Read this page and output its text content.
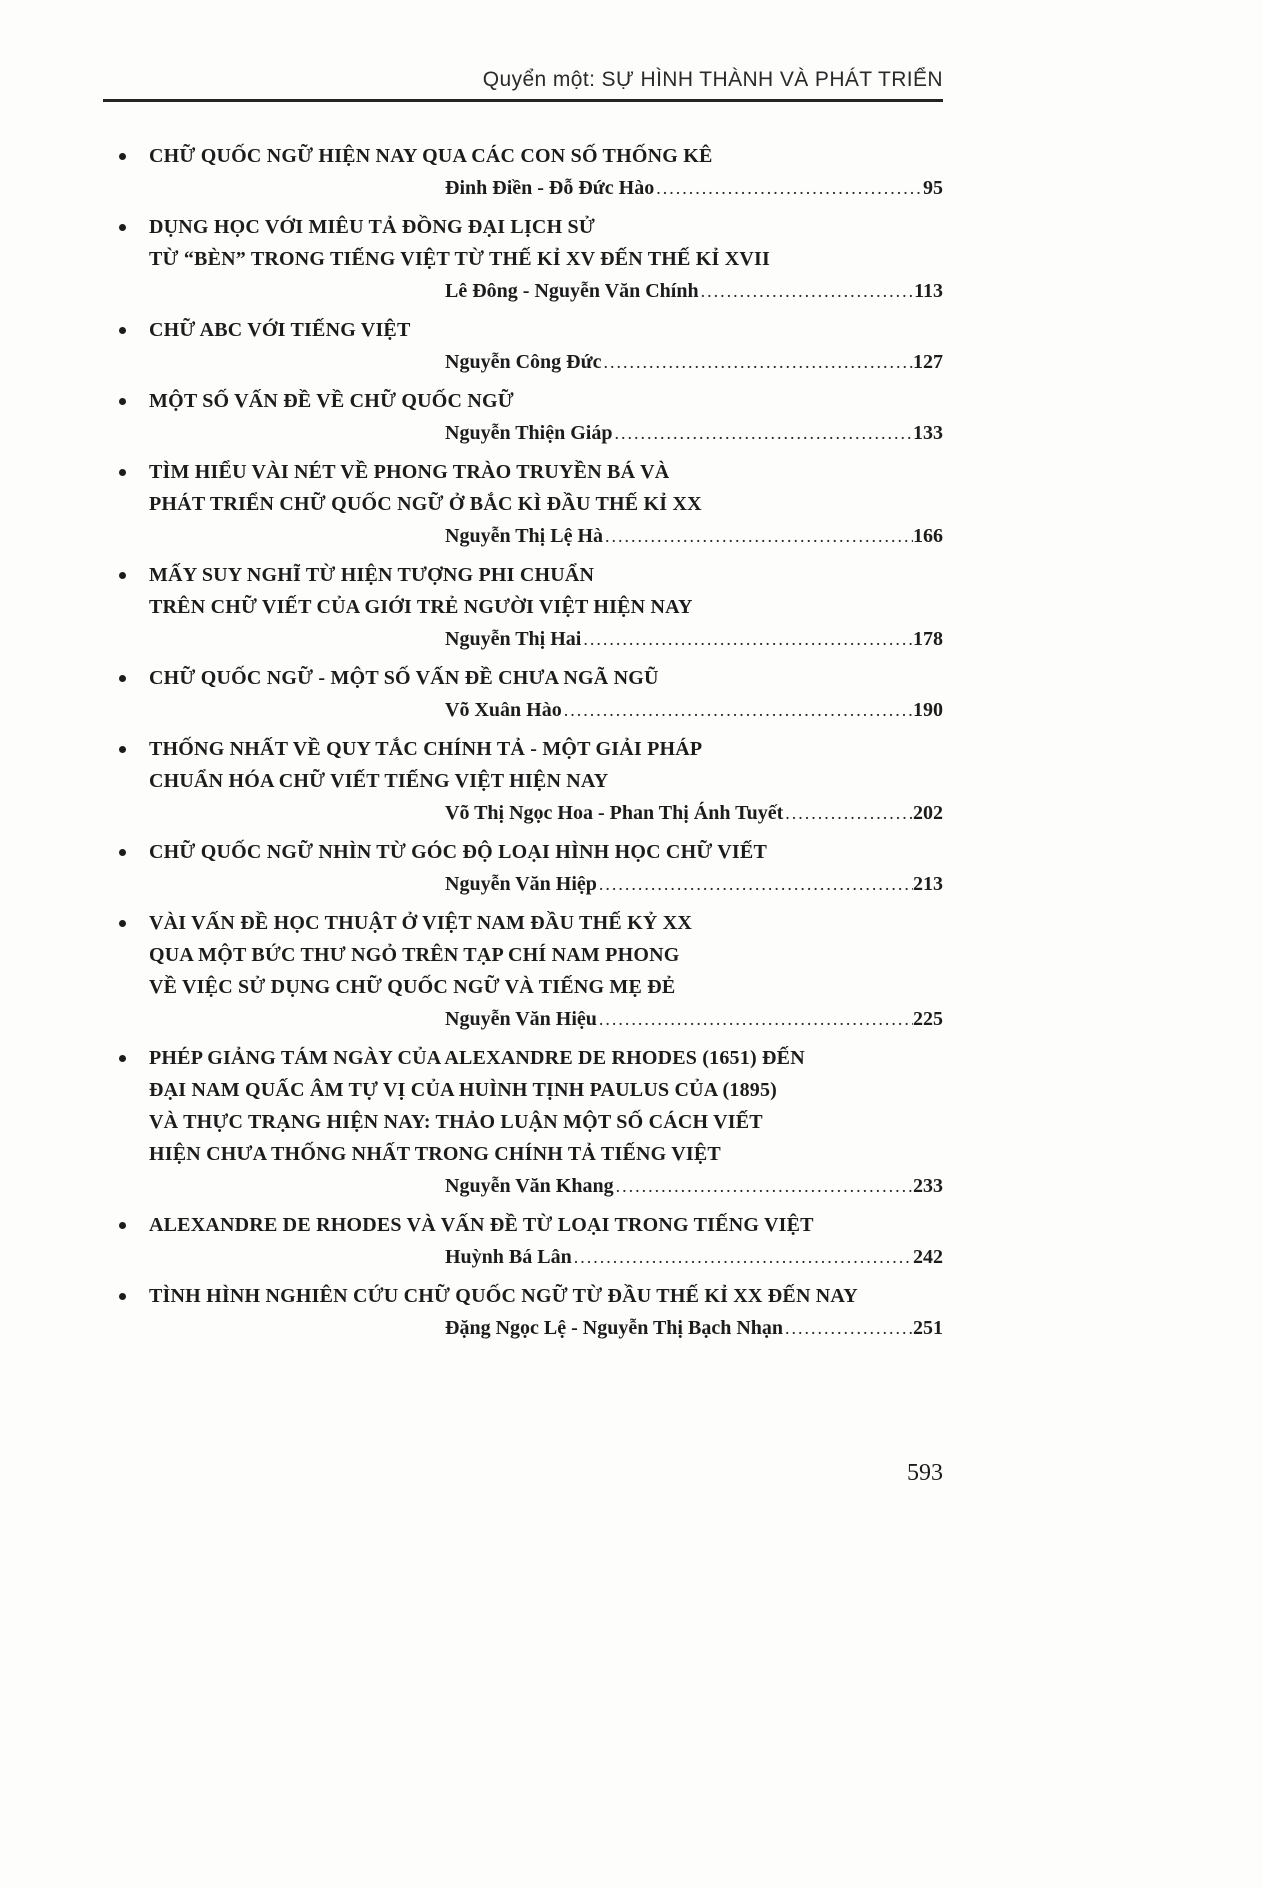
Quyển một: SỰ HÌNH THÀNH VÀ PHÁT TRIỂN
CHỮ QUỐC NGỮ HIỆN NAY QUA CÁC CON SỐ THỐNG KÊ
Đinh Điền - Đỗ Đức Hào .....	95
DỤNG HỌC VỚI MIÊU TẢ ĐỒNG ĐẠI LỊCH SỬ
TỪ “BÈN” TRONG TIẾNG VIỆT TỪ THẾ KỈ XV ĐẾN THẾ KỈ XVII
Lê Đông - Nguyễn Văn Chính .....	113
CHỮ ABC VỚI TIẾNG VIỆT
Nguyễn Công Đức .....	127
MỘT SỐ VẤN ĐỀ VỀ CHỮ QUỐC NGỮ
Nguyễn Thiện Giáp .....	133
TÌM HIỂU VÀI NÉT VỀ PHONG TRÀO TRUYỀN BÁ VÀ
PHÁT TRIỂN CHỮ QUỐC NGỮ Ở BẮC KÌ ĐẦU THẾ KỈ XX
Nguyễn Thị Lệ Hà .....	166
MẤY SUY NGHĨ TỪ HIỆN TƯỢNG PHI CHUẨN
TRÊN CHỮ VIẾT CỦA GIỚI TRẺ NGƯỜI VIỆT HIỆN NAY
Nguyễn Thị Hai .....	178
CHỮ QUỐC NGỮ - MỘT SỐ VẤN ĐỀ CHƯA NGÃ NGŨ
Võ Xuân Hào .....	190
THỐNG NHẤT VỀ QUY TẮC CHÍNH TẢ - MỘT GIẢI PHÁP
CHUẨN HÓA CHỮ VIẾT TIẾNG VIỆT HIỆN NAY
Võ Thị Ngọc Hoa - Phan Thị Ánh Tuyết .....	202
CHỮ QUỐC NGỮ NHÌN TỪ GÓC ĐỘ LOẠI HÌNH HỌC CHỮ VIẾT
Nguyễn Văn Hiệp .....	213
VÀI VẤN ĐỀ HỌC THUẬT Ở VIỆT NAM ĐẦU THẾ KỶ XX
QUA MỘT BỨC THƯ NGỎ TRÊN TẠP CHÍ NAM PHONG
VỀ VIỆC SỬ DỤNG CHỮ QUỐC NGỮ VÀ TIẾNG MẸ ĐẺ
Nguyễn Văn Hiệu .....	225
PHÉP GIẢNG TÁM NGÀY CỦA ALEXANDRE DE RHODES (1651) ĐẾN
ĐẠI NAM QUẤC ÂM TỰ VỊ CỦA HUÌNH TỊNH PAULUS CỦA (1895)
VÀ THỰC TRẠNG HIỆN NAY: THẢO LUẬN MỘT SỐ CÁCH VIẾT
HIỆN CHƯA THỐNG NHẤT TRONG CHÍNH TẢ TIẾNG VIỆT
Nguyễn Văn Khang .....	233
ALEXANDRE DE RHODES VÀ VẤN ĐỀ TỪ LOẠI TRONG TIẾNG VIỆT
Huỳnh Bá Lân .....	242
TÌNH HÌNH NGHIÊN CỨU CHỮ QUỐC NGỮ TỪ ĐẦU THẾ KỈ XX ĐẾN NAY
Đặng Ngọc Lệ - Nguyễn Thị Bạch Nhạn .....	251
593
